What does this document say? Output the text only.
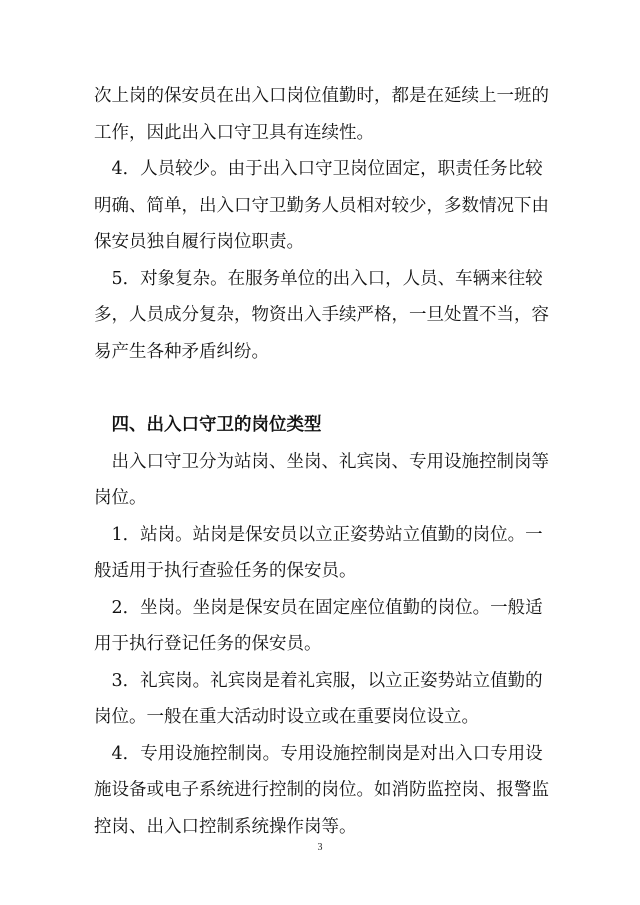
次上岗的保安员在出入口岗位值勤时，都是在延续上一班的
工作，因此出入口守卫具有连续性。

　4．人员较少。由于出入口守卫岗位固定，职责任务比较
明确、简单，出入口守卫勤务人员相对较少，多数情况下由
保安员独自履行岗位职责。

　5．对象复杂。在服务单位的出入口，人员、车辆来往较
多，人员成分复杂，物资出入手续严格，一旦处置不当，容
易产生各种矛盾纠纷。

　四、出入口守卫的岗位类型

　出入口守卫分为站岗、坐岗、礼宾岗、专用设施控制岗等
岗位。

　1．站岗。站岗是保安员以立正姿势站立值勤的岗位。一
般适用于执行查验任务的保安员。

　2．坐岗。坐岗是保安员在固定座位值勤的岗位。一般适
用于执行登记任务的保安员。

　3．礼宾岗。礼宾岗是着礼宾服，以立正姿势站立值勤的
岗位。一般在重大活动时设立或在重要岗位设立。

　4．专用设施控制岗。专用设施控制岗是对出入口专用设
施设备或电子系统进行控制的岗位。如消防监控岗、报警监
控岗、出入口控制系统操作岗等。

3
